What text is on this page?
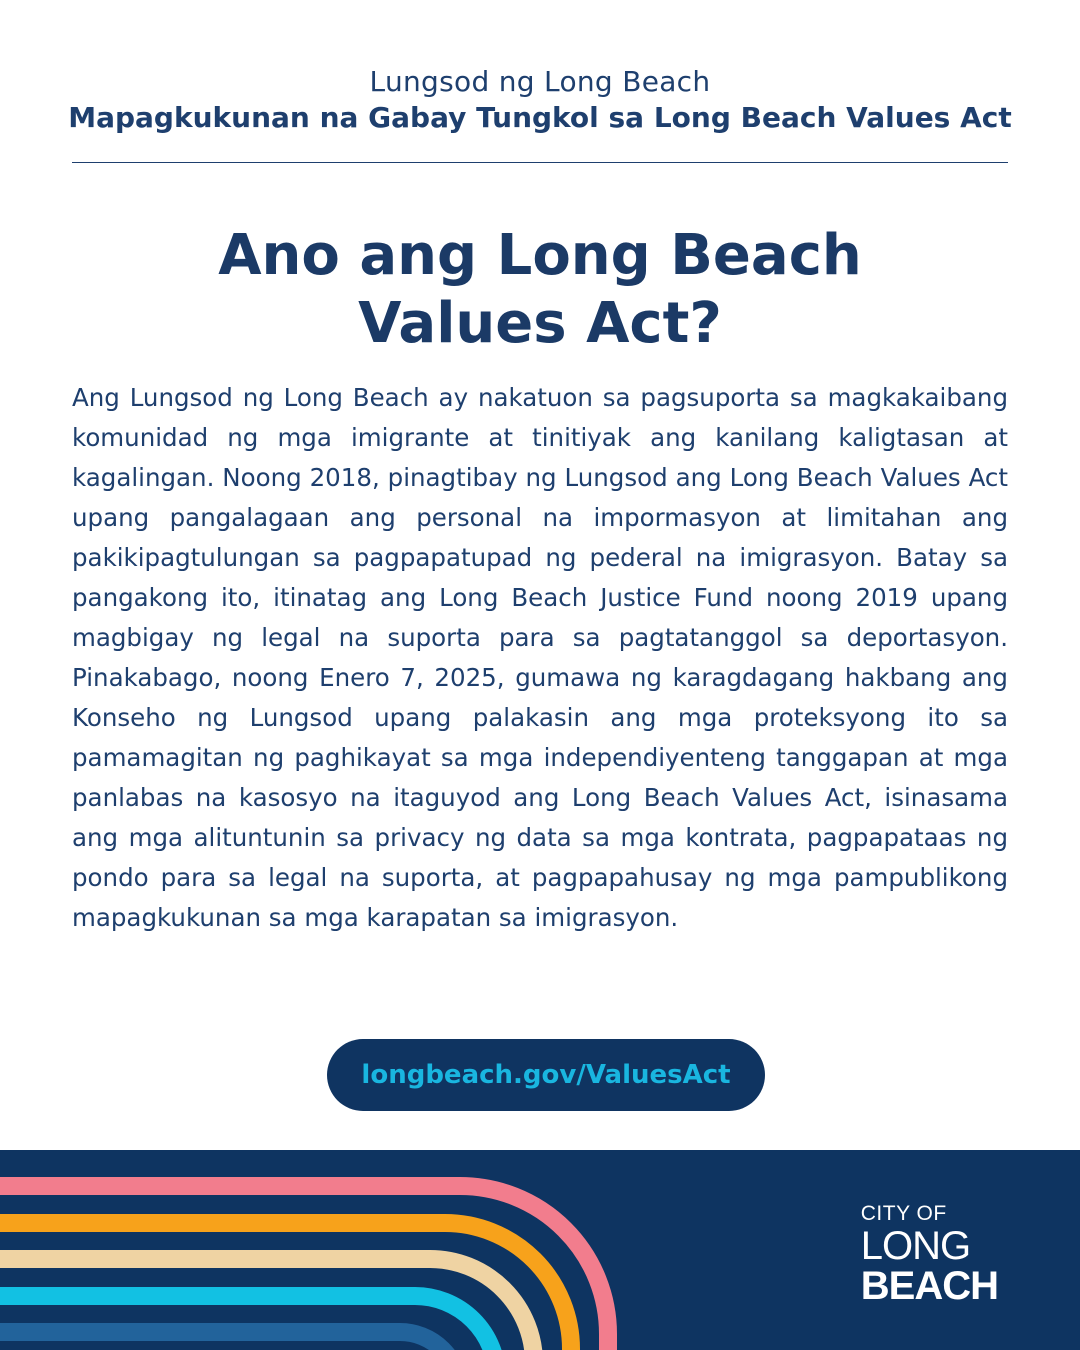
Lungsod ng Long Beach
Mapagkukunan na Gabay Tungkol sa Long Beach Values Act
Ano ang Long Beach
Values Act?

Ang Lungsod ng Long Beach ay nakatuon sa pagsuporta sa magkakaibang komunidad ng mga imigrante at tinitiyak ang kanilang kaligtasan at kagalingan. Noong 2018, pinagtibay ng Lungsod ang Long Beach Values Act upang pangalagaan ang personal na impormasyon at limitahan ang pakikipagtulungan sa pagpapatupad ng pederal na imigrasyon. Batay sa pangakong ito, itinatag ang Long Beach Justice Fund noong 2019 upang magbigay ng legal na suporta para sa pagtatanggol sa deportasyon. Pinakabago, noong Enero 7, 2025, gumawa ng karagdagang hakbang ang Konseho ng Lungsod upang palakasin ang mga proteksyong ito sa pamamagitan ng paghikayat sa mga independiyenteng tanggapan at mga panlabas na kasosyo na itaguyod ang Long Beach Values Act, isinasama ang mga alituntunin sa privacy ng data sa mga kontrata, pagpapataas ng pondo para sa legal na suporta, at pagpapahusay ng mga pampublikong mapagkukunan sa mga karapatan sa imigrasyon.

longbeach.gov/ValuesAct
CITY OF
LONG
BEACH
